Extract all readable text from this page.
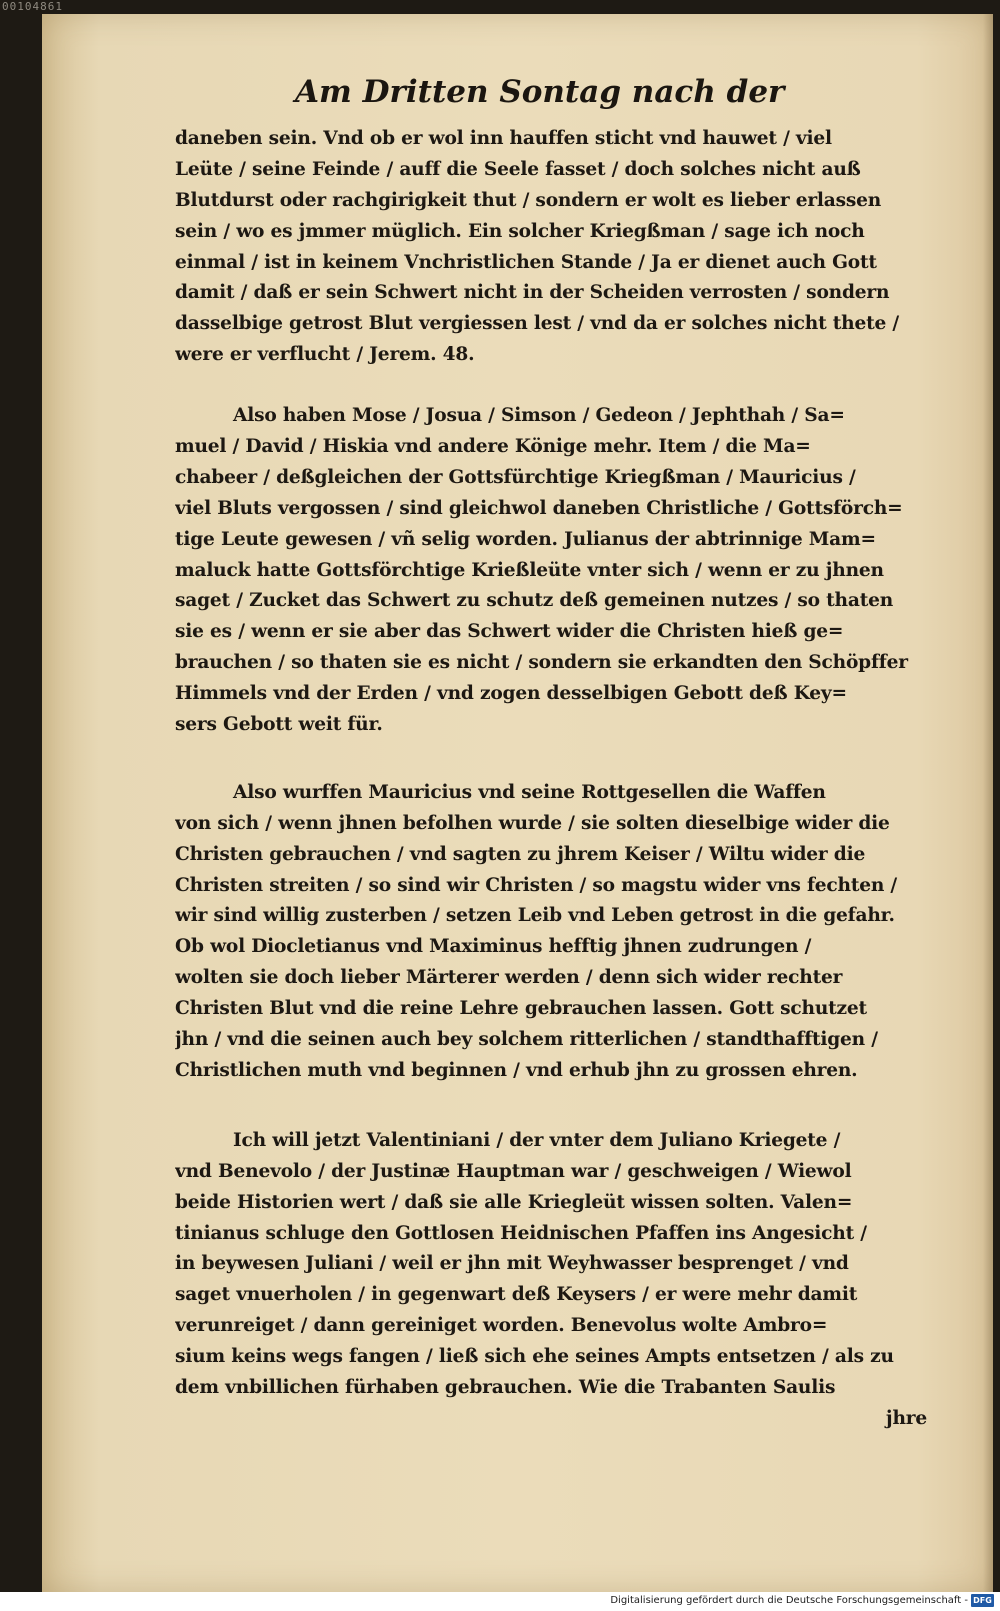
00104861
Am Dritten Sontag nach der
daneben sein. Vnd ob er wol inn hauffen sticht vnd hauwet / viel
Leüte / seine Feinde / auff die Seele fasset / doch solches nicht auß
Blutdurst oder rachgirigkeit thut / sondern er wolt es lieber erlassen
sein / wo es jmmer müglich. Ein solcher Kriegßman / sage ich noch
einmal / ist in keinem Vnchristlichen Stande / Ja er dienet auch Gott
damit / daß er sein Schwert nicht in der Scheiden verrosten / sondern
dasselbige getrost Blut vergiessen lest / vnd da er solches nicht thete /
were er verflucht / Jerem. 48.
Also haben Mose / Josua / Simson / Gedeon / Jephthah / Sa=
muel / David / Hiskia vnd andere Könige mehr. Item / die Ma=
chabeer / deßgleichen der Gottsfürchtige Kriegßman / Mauricius /
viel Bluts vergossen / sind gleichwol daneben Christliche / Gottsförch=
tige Leute gewesen / vñ selig worden. Julianus der abtrinnige Mam=
maluck hatte Gottsförchtige Krießleüte vnter sich / wenn er zu jhnen
saget / Zucket das Schwert zu schutz deß gemeinen nutzes / so thaten
sie es / wenn er sie aber das Schwert wider die Christen hieß ge=
brauchen / so thaten sie es nicht / sondern sie erkandten den Schöpffer
Himmels vnd der Erden / vnd zogen desselbigen Gebott deß Key=
sers Gebott weit für.
Also wurffen Mauricius vnd seine Rottgesellen die Waffen
von sich / wenn jhnen befolhen wurde / sie solten dieselbige wider die
Christen gebrauchen / vnd sagten zu jhrem Keiser / Wiltu wider die
Christen streiten / so sind wir Christen / so magstu wider vns fechten /
wir sind willig zusterben / setzen Leib vnd Leben getrost in die gefahr.
Ob wol Diocletianus vnd Maximinus hefftig jhnen zudrungen /
wolten sie doch lieber Märterer werden / denn sich wider rechter
Christen Blut vnd die reine Lehre gebrauchen lassen. Gott schutzet
jhn / vnd die seinen auch bey solchem ritterlichen / standthafftigen /
Christlichen muth vnd beginnen / vnd erhub jhn zu grossen ehren.
Ich will jetzt Valentiniani / der vnter dem Juliano Kriegete /
vnd Benevolo / der Justinæ Hauptman war / geschweigen / Wiewol
beide Historien wert / daß sie alle Kriegleüt wissen solten. Valen=
tinianus schluge den Gottlosen Heidnischen Pfaffen ins Angesicht /
in beywesen Juliani / weil er jhn mit Weyhwasser besprenget / vnd
saget vnuerholen / in gegenwart deß Keysers / er were mehr damit
verunreiget / dann gereiniget worden. Benevolus wolte Ambro=
sium keins wegs fangen / ließ sich ehe seines Ampts entsetzen / als zu
dem vnbillichen fürhaben gebrauchen. Wie die Trabanten Saulis
jhre
Digitalisierung gefördert durch die Deutsche Forschungsgemeinschaft - DFG
